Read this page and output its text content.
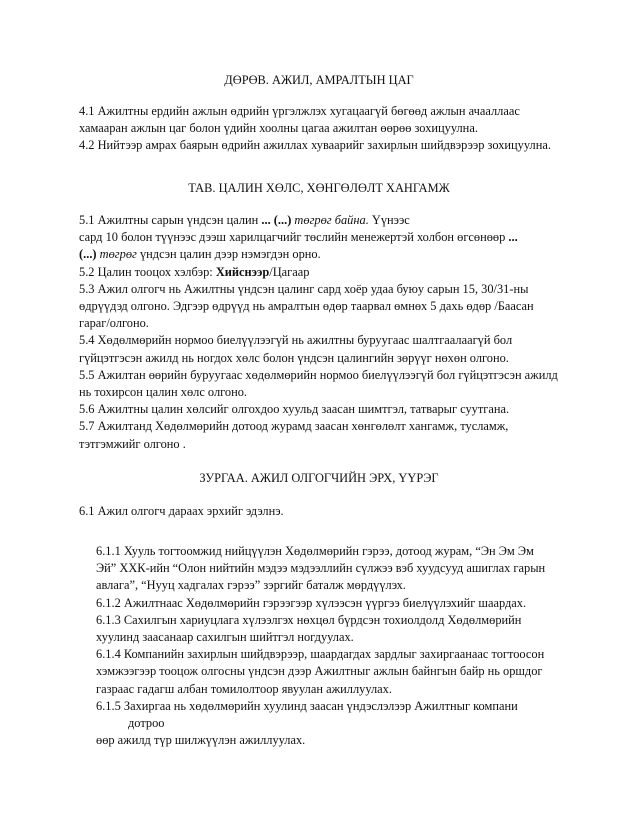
ДӨРӨВ. АЖИЛ, АМРАЛТЫН ЦАГ
4.1 Ажилтны ердийн ажлын өдрийн үргэлжлэх хугацаагүй бөгөөд ажлын ачааллаас
хамааран ажлын цаг болон үдийн хоолны цагаа ажилтан өөрөө зохицуулна.
4.2 Нийтээр амрах баярын өдрийн ажиллах хуваарийг захирлын шийдвэрээр зохицуулна.
ТАВ. ЦАЛИН ХӨЛС, ХӨНГӨЛӨЛТ ХАНГАМЖ
5.1 Ажилтны сарын үндсэн цалин ... (...) төгрөг байна. Үүнээс
сард 10 болон түүнээс дээш харилцагчийг төслийн менежертэй холбон өгсөнөөр ...
(...) төгрөг үндсэн цалин дээр нэмэгдэн орно.
5.2 Цалин тооцох хэлбэр: Хийснээр/Цагаар
5.3 Ажил олгогч нь Ажилтны үндсэн цалинг сард хоёр удаа буюу сарын 15, 30/31-ны
өдрүүдэд олгоно. Эдгээр өдрүүд нь амралтын өдөр таарвал өмнөх 5 дахь өдөр /Баасан
гараг/олгоно.
5.4 Хөдөлмөрийн нормоо биелүүлээгүй нь ажилтны буруугаас шалтгаалаагүй бол
гүйцэтгэсэн ажилд нь ногдох хөлс болон үндсэн цалингийн зөрүүг нөхөн олгоно.
5.5 Ажилтан өөрийн буруугаас хөдөлмөрийн нормоо биелүүлээгүй бол гүйцэтгэсэн ажилд
нь тохирсон цалин хөлс олгоно.
5.6 Ажилтны цалин хөлсийг олгохдоо хуульд заасан шимтгэл, татварыг суутгана.
5.7 Ажилтанд Хөдөлмөрийн дотоод журамд заасан хөнгөлөлт хангамж, тусламж,
тэтгэмжийг олгоно .
ЗУРГАА. АЖИЛ ОЛГОГЧИЙН ЭРХ, ҮҮРЭГ
6.1 Ажил олгогч дараах эрхийг эдэлнэ.
6.1.1 Хууль тогтоомжид нийцүүлэн Хөдөлмөрийн гэрээ, дотоод журам, “Эн Эм Эм
Эй” ХХК-ийн “Олон нийтийн мэдээ мэдээллийн сүлжээ вэб хуудсууд ашиглах гарын
авлага”, “Нууц хадгалах гэрээ” зэргийг баталж мөрдүүлэх.
6.1.2 Ажилтнаас Хөдөлмөрийн гэрээгээр хүлээсэн үүргээ биелүүлэхийг шаардах.
6.1.3 Сахилгын хариуцлага хүлээлгэх нөхцөл бүрдсэн тохиолдолд Хөдөлмөрийн
хуулинд заасанаар сахилгын шийтгэл ногдуулах.
6.1.4 Компанийн захирлын шийдвэрээр, шаардагдах зардлыг захиргаанаас тогтоосон
хэмжээгээр тооцож олгосны үндсэн дээр Ажилтныг ажлын байнгын байр нь оршдог
газраас гадагш албан томилолтоор явуулан ажиллуулах.
6.1.5 Захиргаа нь хөдөлмөрийн хуулинд заасан үндэслэлээр Ажилтныг компани
дотроо
өөр ажилд түр шилжүүлэн ажиллуулах.
